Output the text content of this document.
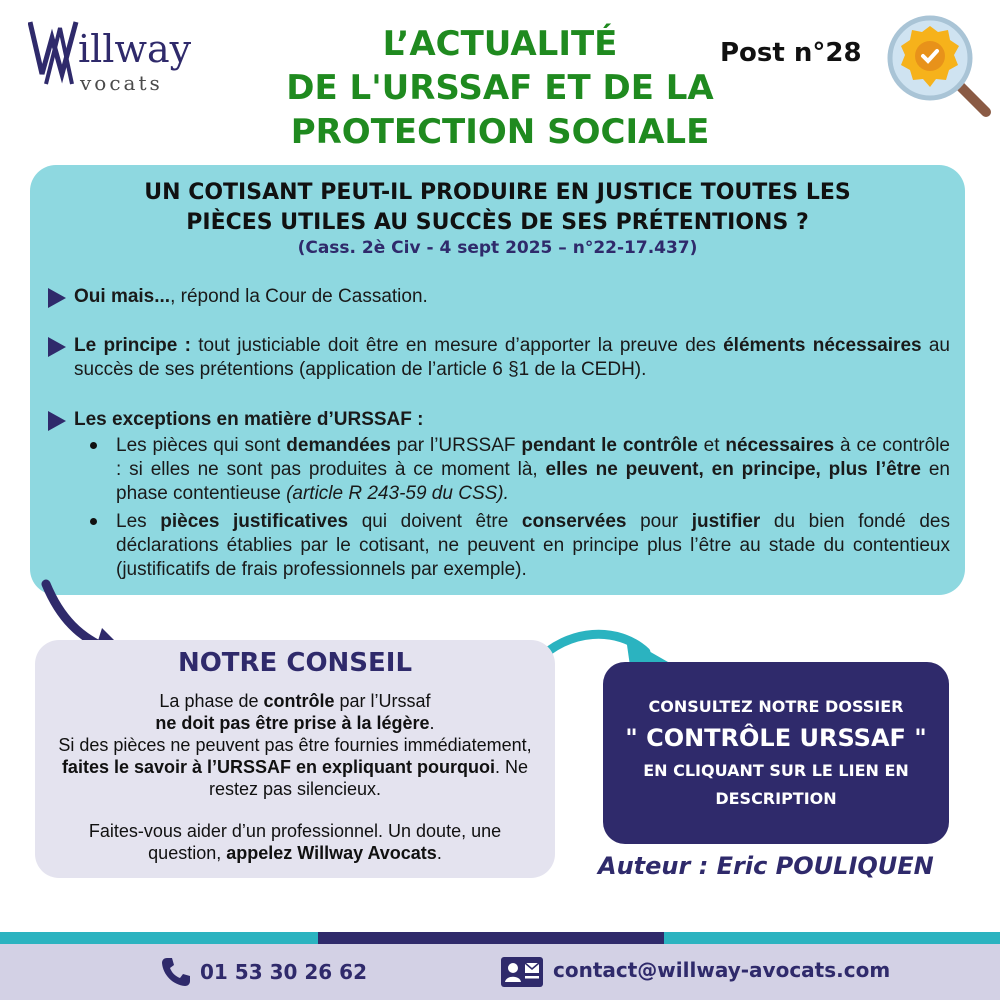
illway
vocats
L’ACTUALITÉ
DE L'URSSAF ET DE LA
PROTECTION SOCIALE
Post n°28
UN COTISANT PEUT-IL PRODUIRE EN JUSTICE TOUTES LES
PIÈCES UTILES AU SUCCÈS DE SES PRÉTENTIONS ?
(Cass. 2è Civ - 4 sept 2025 – n°22-17.437)
Oui mais..., répond la Cour de Cassation.
Le principe : tout justiciable doit être en mesure d’apporter la preuve des éléments nécessaires au succès de ses prétentions (application de l’article 6 §1 de la CEDH).
Les exceptions en matière d’URSSAF :
Les pièces qui sont demandées par l’URSSAF pendant le contrôle et nécessaires à ce contrôle : si elles ne sont pas produites à ce moment là, elles ne peuvent, en principe, plus l’être en phase contentieuse (article R 243-59 du CSS).
Les pièces justificatives qui doivent être conservées pour justifier du bien fondé des déclarations établies par le cotisant, ne peuvent en principe plus l’être au stade du contentieux (justificatifs de frais professionnels par exemple).
NOTRE CONSEIL
La phase de contrôle par l’Urssaf
ne doit pas être prise à la légère.
Si des pièces ne peuvent pas être fournies immédiatement, faites le savoir à l’URSSAF en expliquant pourquoi. Ne restez pas silencieux.
Faites-vous aider d’un professionnel. Un doute, une question, appelez Willway Avocats.
CONSULTEZ NOTRE DOSSIER
" CONTRÔLE URSSAF "
EN CLIQUANT SUR LE LIEN EN
DESCRIPTION
Auteur : Eric POULIQUEN
01 53 30 26 62	contact@willway-avocats.com
